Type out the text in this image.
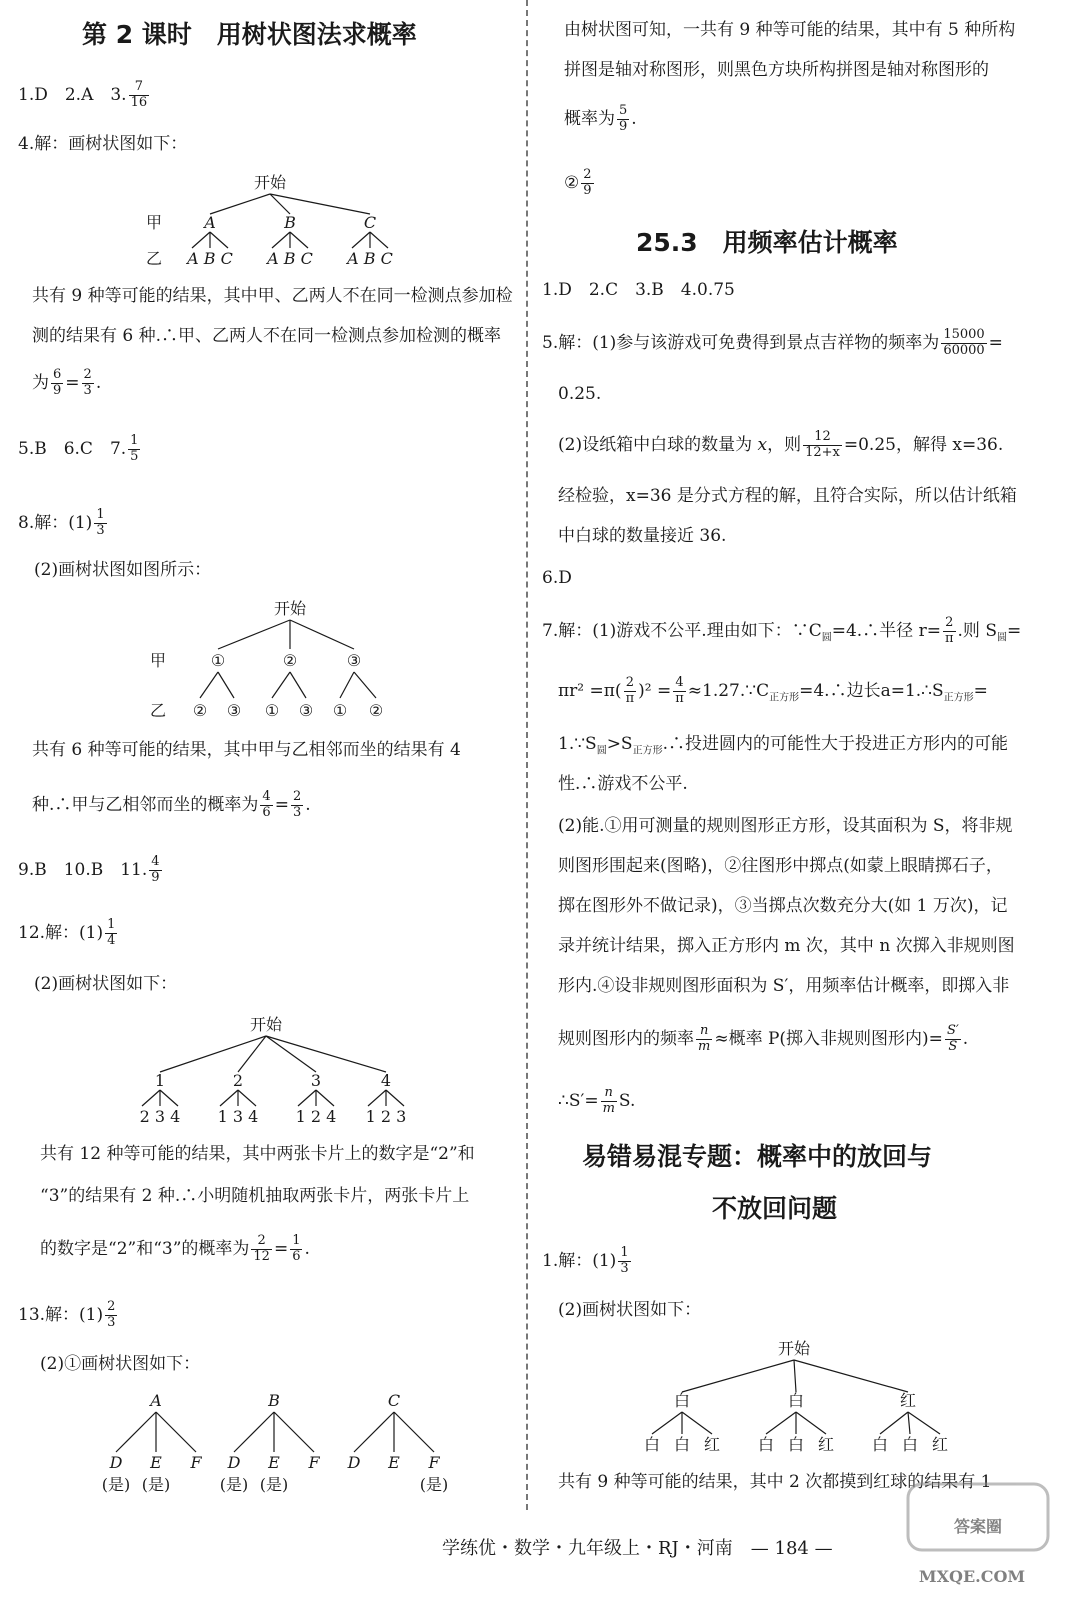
第 2 课时　用树状图法求概率
1.D　2.A　3. $\frac{7}{16}$
4.解：画树状图如下：
开始
甲	A	B	C
乙 A B C A B C A B C
共有 9 种等可能的结果，其中甲、乙两人不在同一检测点参加检
测的结果有 6 种.∴甲、乙两人不在同一检测点参加检测的概率
为 $\frac{6}{9} = \frac{2}{3}$ .
5.B　6.C　7. $\frac{1}{5}$
8.解：$(1) \frac{1}{3}$
(2)画树状图如图所示：
开始
甲	①	②	③
乙 ② ③ ① ③ ① ②
共有 6 种等可能的结果，其中甲与乙相邻而坐的结果有 4
种.∴甲与乙相邻而坐的概率为 $\frac{4}{6} = \frac{2}{3}$ .
9.B　10.B　11. $\frac{4}{9}$
12.解：$(1) \frac{1}{4}$
(2)画树状图如下：
开始
1	2	3	4
2 3 4 1 3 4 1 2 4 1 2 3
共有 12 种等可能的结果，其中两张卡片上的数字是“2”和
“3”的结果有 2 种.∴小明随机抽取两张卡片，两张卡片上
的数字是“2”和“3”的概率为 $\frac{2}{12} = \frac{1}{6}$ .
13.解：$(1) \frac{2}{3}$
(2)①画树状图如下：
A	B	C
D E F D E F D E F
(是) (是)	(是) (是)	(是)
由树状图可知，一共有 9 种等可能的结果，其中有 5 种所构
拼图是轴对称图形，则黑色方块所构拼图是轴对称图形的
概率为 $\frac{5}{9}$ .
② $\frac{2}{9}$
25.3　用频率估计概率
1.D　2.C　3.B　4.0.75
5.解：(1)参与该游戏可免费得到景点吉祥物的频率为 $\frac{15000}{60000}$ =
0.25.
(2)设纸箱中白球的数量为 x，则 $\frac{12}{12+x} =0.25$，解得 x=36.
经检验，x=36 是分式方程的解，且符合实际，所以估计纸箱
中白球的数量接近 36.
6.D
7.解：(1)游戏不公平.理由如下：$\because C_圆=4.\therefore$半径 $r= \frac{2}{\pi}$ .则 $S_圆=$
$\pi r^2 =\pi( \frac{2}{\pi} )^2 = \frac{4}{\pi}$ $\approx 1.27.\because C_{正方形}=4.\therefore$边长$a=1.\therefore S_{正方形}=$
$1.\because S_圆>S_{正方形}.\therefore$投进圆内的可能性大于投进正方形内的可能
性.∴游戏不公平.
(2)能.①用可测量的规则图形正方形，设其面积为 S，将非规
则图形围起来(图略)，②往图形中掷点(如蒙上眼睛掷石子，
掷在图形外不做记录)，③当掷点次数充分大(如 1 万次)，记
录并统计结果，掷入正方形内 m 次，其中 n 次掷入非规则图
形内.④设非规则图形面积为 S′，用频率估计概率，即掷入非
规则图形内的频率 $\frac{n}{m}$ ≈概率 P(掷入非规则图形内)= $\frac{S'}{S}$ .
∴S′= $\frac{n}{m} S$.
易错易混专题：概率中的放回与
不放回问题
1.解：$(1) \frac{1}{3}$
(2)画树状图如下：
开始
白	白	红
白 白 红 白 白 红 白 白 红
共有 9 种等可能的结果，其中 2 次都摸到红球的结果有 1
学练优・数学・九年级上・RJ・河南　 — 184 —
答案圈
MXQE.COM
